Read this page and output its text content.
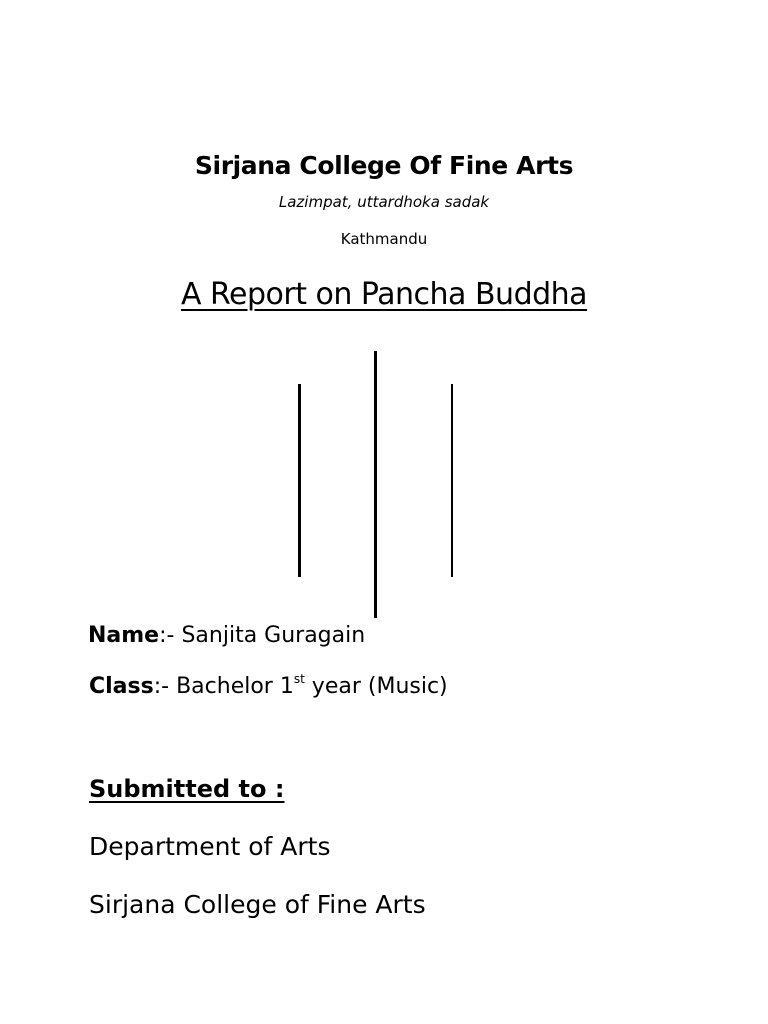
Sirjana College Of Fine Arts
Lazimpat, uttardhoka sadak
Kathmandu
A Report on Pancha Buddha
Name:- Sanjita Guragain
Class:- Bachelor 1st year (Music)
Submitted to :
Department of Arts
Sirjana College of Fine Arts
